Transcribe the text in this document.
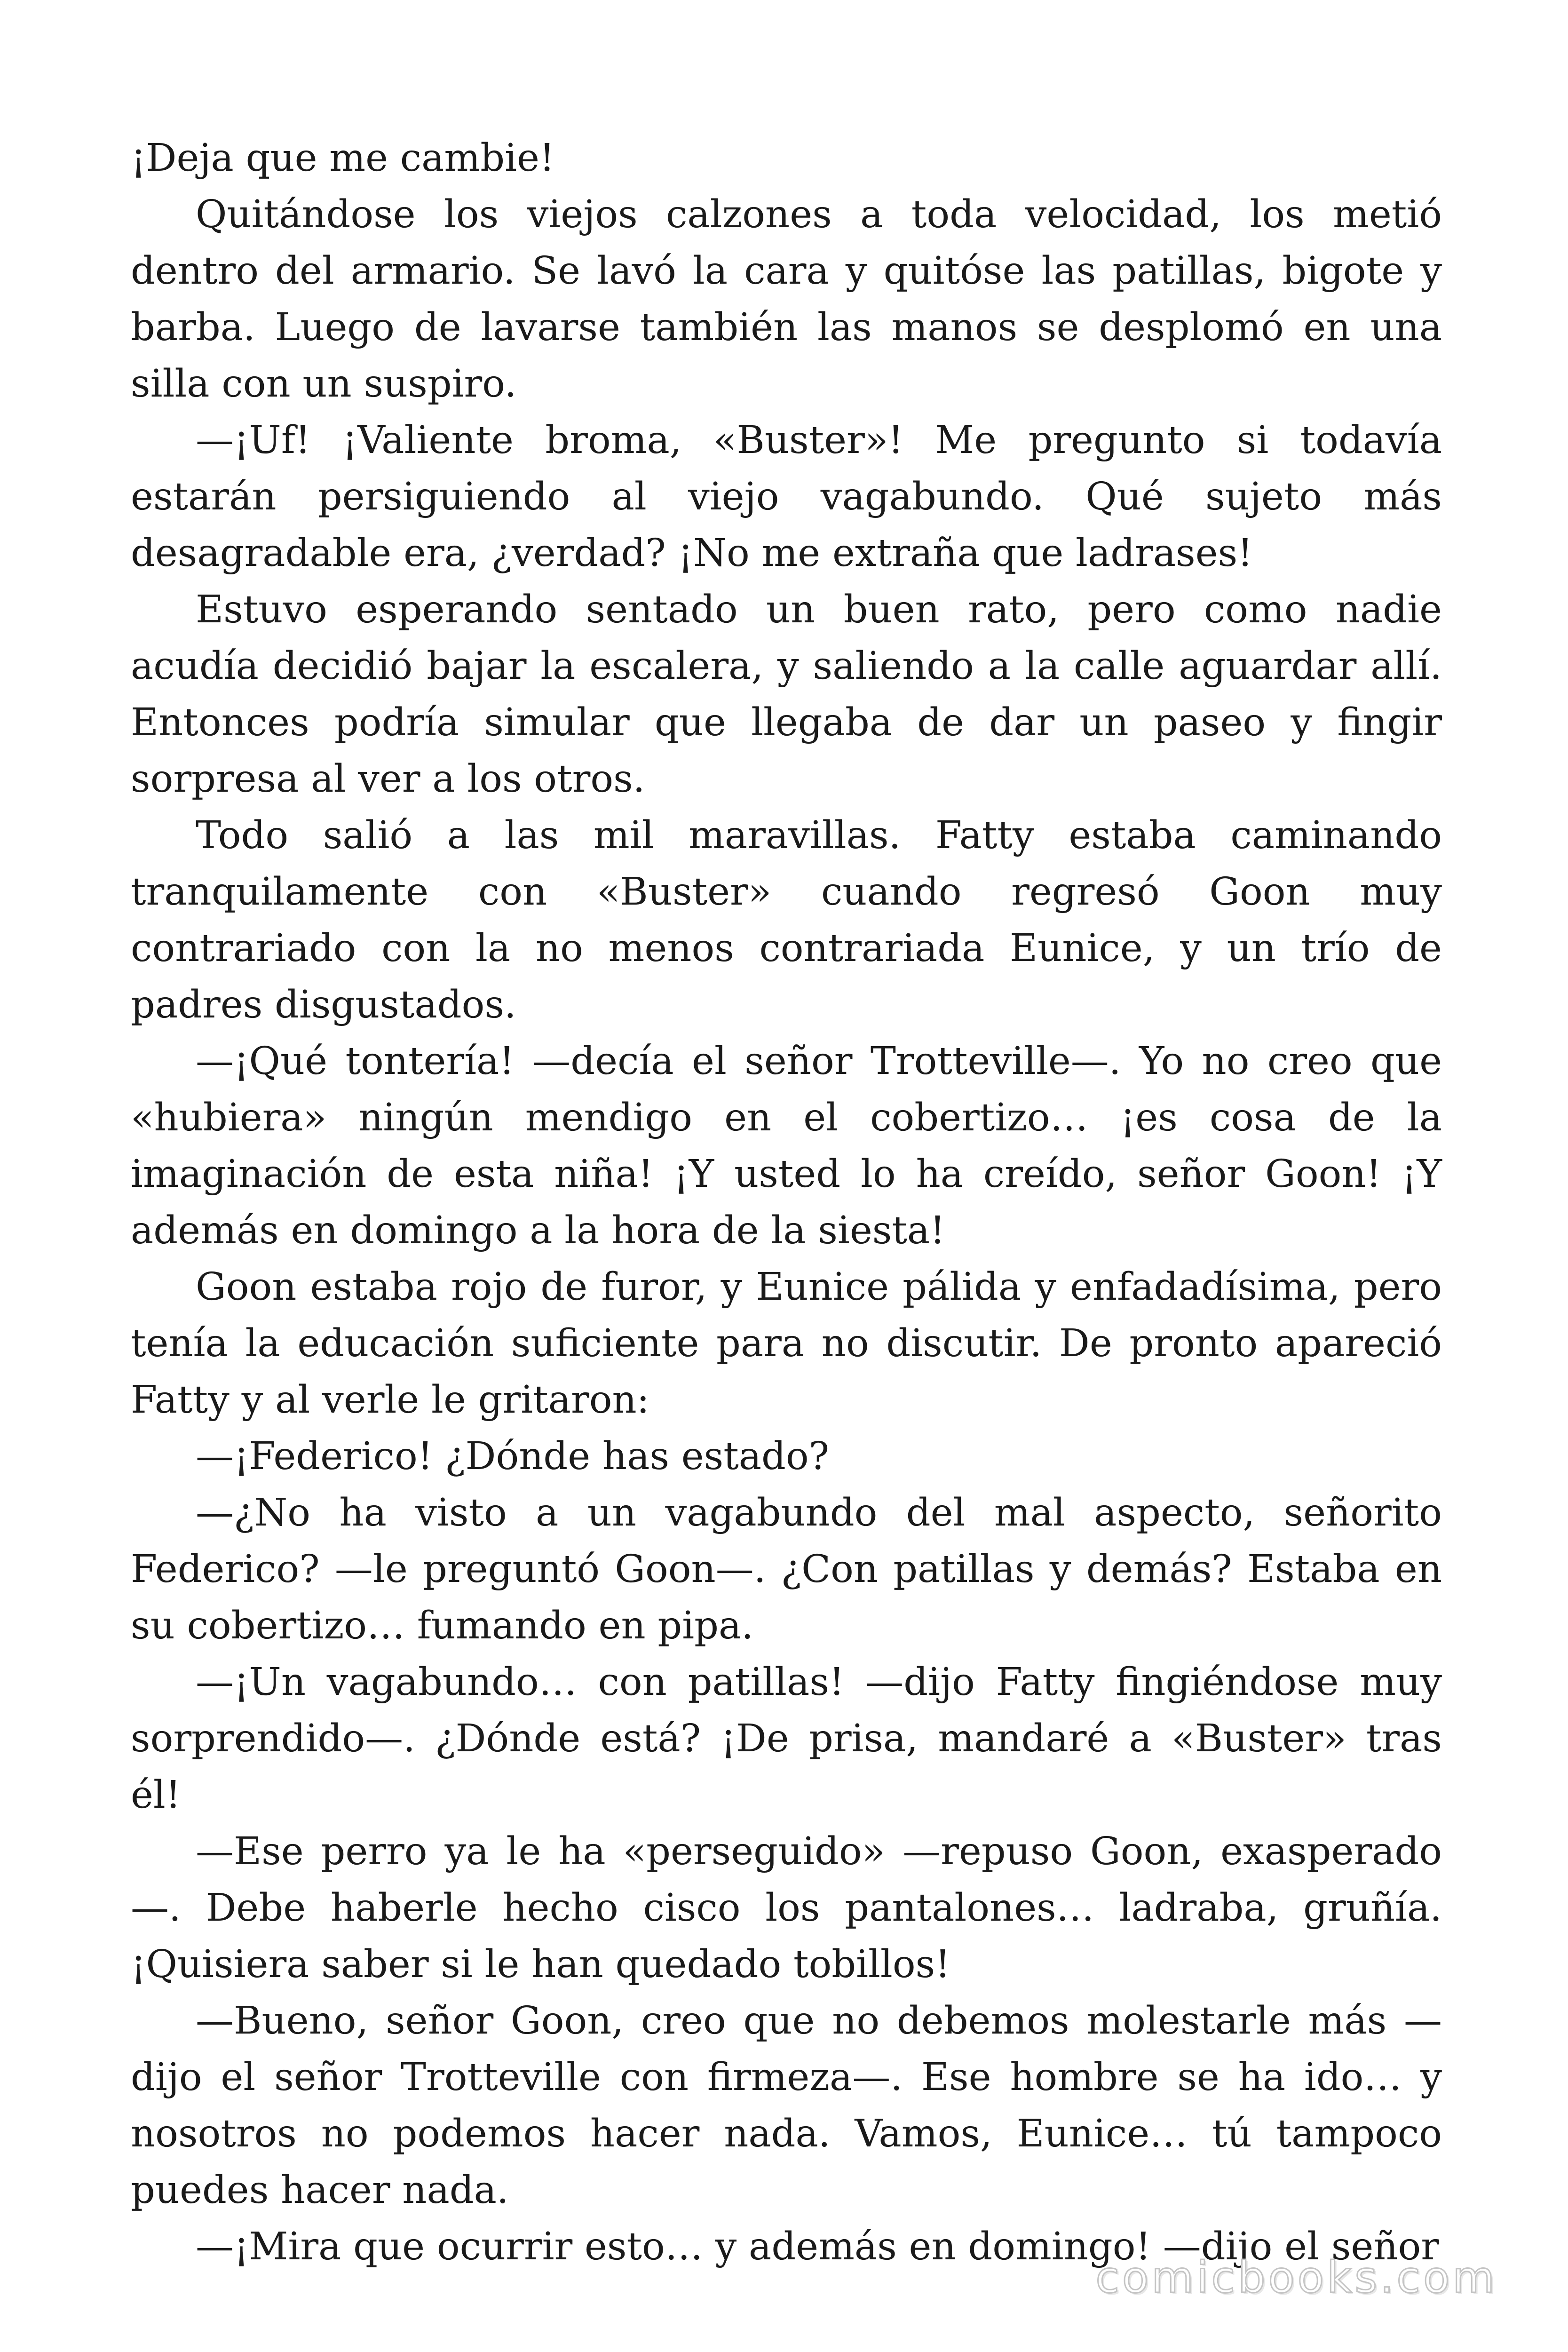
¡Deja que me cambie!

Quitándose los viejos calzones a toda velocidad, los metió dentro del armario. Se lavó la cara y quitóse las patillas, bigote y barba. Luego de lavarse también las manos se desplomó en una silla con un suspiro.

—¡Uf! ¡Valiente broma, «Buster»! Me pregunto si todavía estarán persiguiendo al viejo vagabundo. Qué sujeto más desagradable era, ¿verdad? ¡No me extraña que ladrases!

Estuvo esperando sentado un buen rato, pero como nadie acudía decidió bajar la escalera, y saliendo a la calle aguardar allí. Entonces podría simular que llegaba de dar un paseo y fingir sorpresa al ver a los otros.

Todo salió a las mil maravillas. Fatty estaba caminando tranquilamente con «Buster» cuando regresó Goon muy contrariado con la no menos contrariada Eunice, y un trío de padres disgustados.

—¡Qué tontería! —decía el señor Trotteville—. Yo no creo que «hubiera» ningún mendigo en el cobertizo… ¡es cosa de la imaginación de esta niña! ¡Y usted lo ha creído, señor Goon! ¡Y además en domingo a la hora de la siesta!

Goon estaba rojo de furor, y Eunice pálida y enfadadísima, pero tenía la educación suficiente para no discutir. De pronto apareció Fatty y al verle le gritaron:

—¡Federico! ¿Dónde has estado?

—¿No ha visto a un vagabundo del mal aspecto, señorito Federico? —le preguntó Goon—. ¿Con patillas y demás? Estaba en su cobertizo… fumando en pipa.

—¡Un vagabundo… con patillas! —dijo Fatty fingiéndose muy sorprendido—. ¿Dónde está? ¡De prisa, mandaré a «Buster» tras él!

—Ese perro ya le ha «perseguido» —repuso Goon, exasperado—. Debe haberle hecho cisco los pantalones… ladraba, gruñía. ¡Quisiera saber si le han quedado tobillos!

—Bueno, señor Goon, creo que no debemos molestarle más —dijo el señor Trotteville con firmeza—. Ese hombre se ha ido… y nosotros no podemos hacer nada. Vamos, Eunice… tú tampoco puedes hacer nada.

—¡Mira que ocurrir esto… y además en domingo! —dijo el señor

comicbooks.com
